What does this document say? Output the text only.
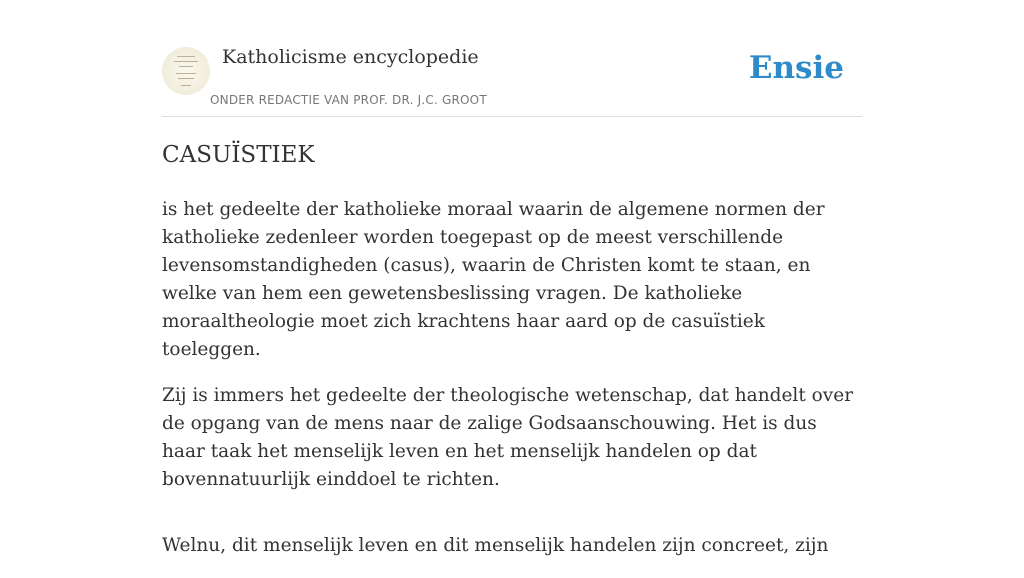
Katholicisme encyclopedie
ONDER REDACTIE VAN PROF. DR. J.C. GROOT
Ensie
CASUÏSTIEK

is het gedeelte der katholieke moraal waarin de algemene normen der katholieke zedenleer worden toegepast op de meest verschillende levensomstandigheden (casus), waarin de Christen komt te staan, en welke van hem een gewetensbeslissing vragen. De katholieke moraaltheologie moet zich krachtens haar aard op de casuïstiek toeleggen.

Zij is immers het gedeelte der theologische wetenschap, dat handelt over de opgang van de mens naar de zalige Godsaanschouwing. Het is dus haar taak het menselijk leven en het menselijk handelen op dat bovennatuurlijk einddoel te richten.

Welnu, dit menselijk leven en dit menselijk handelen zijn concreet, zijn
